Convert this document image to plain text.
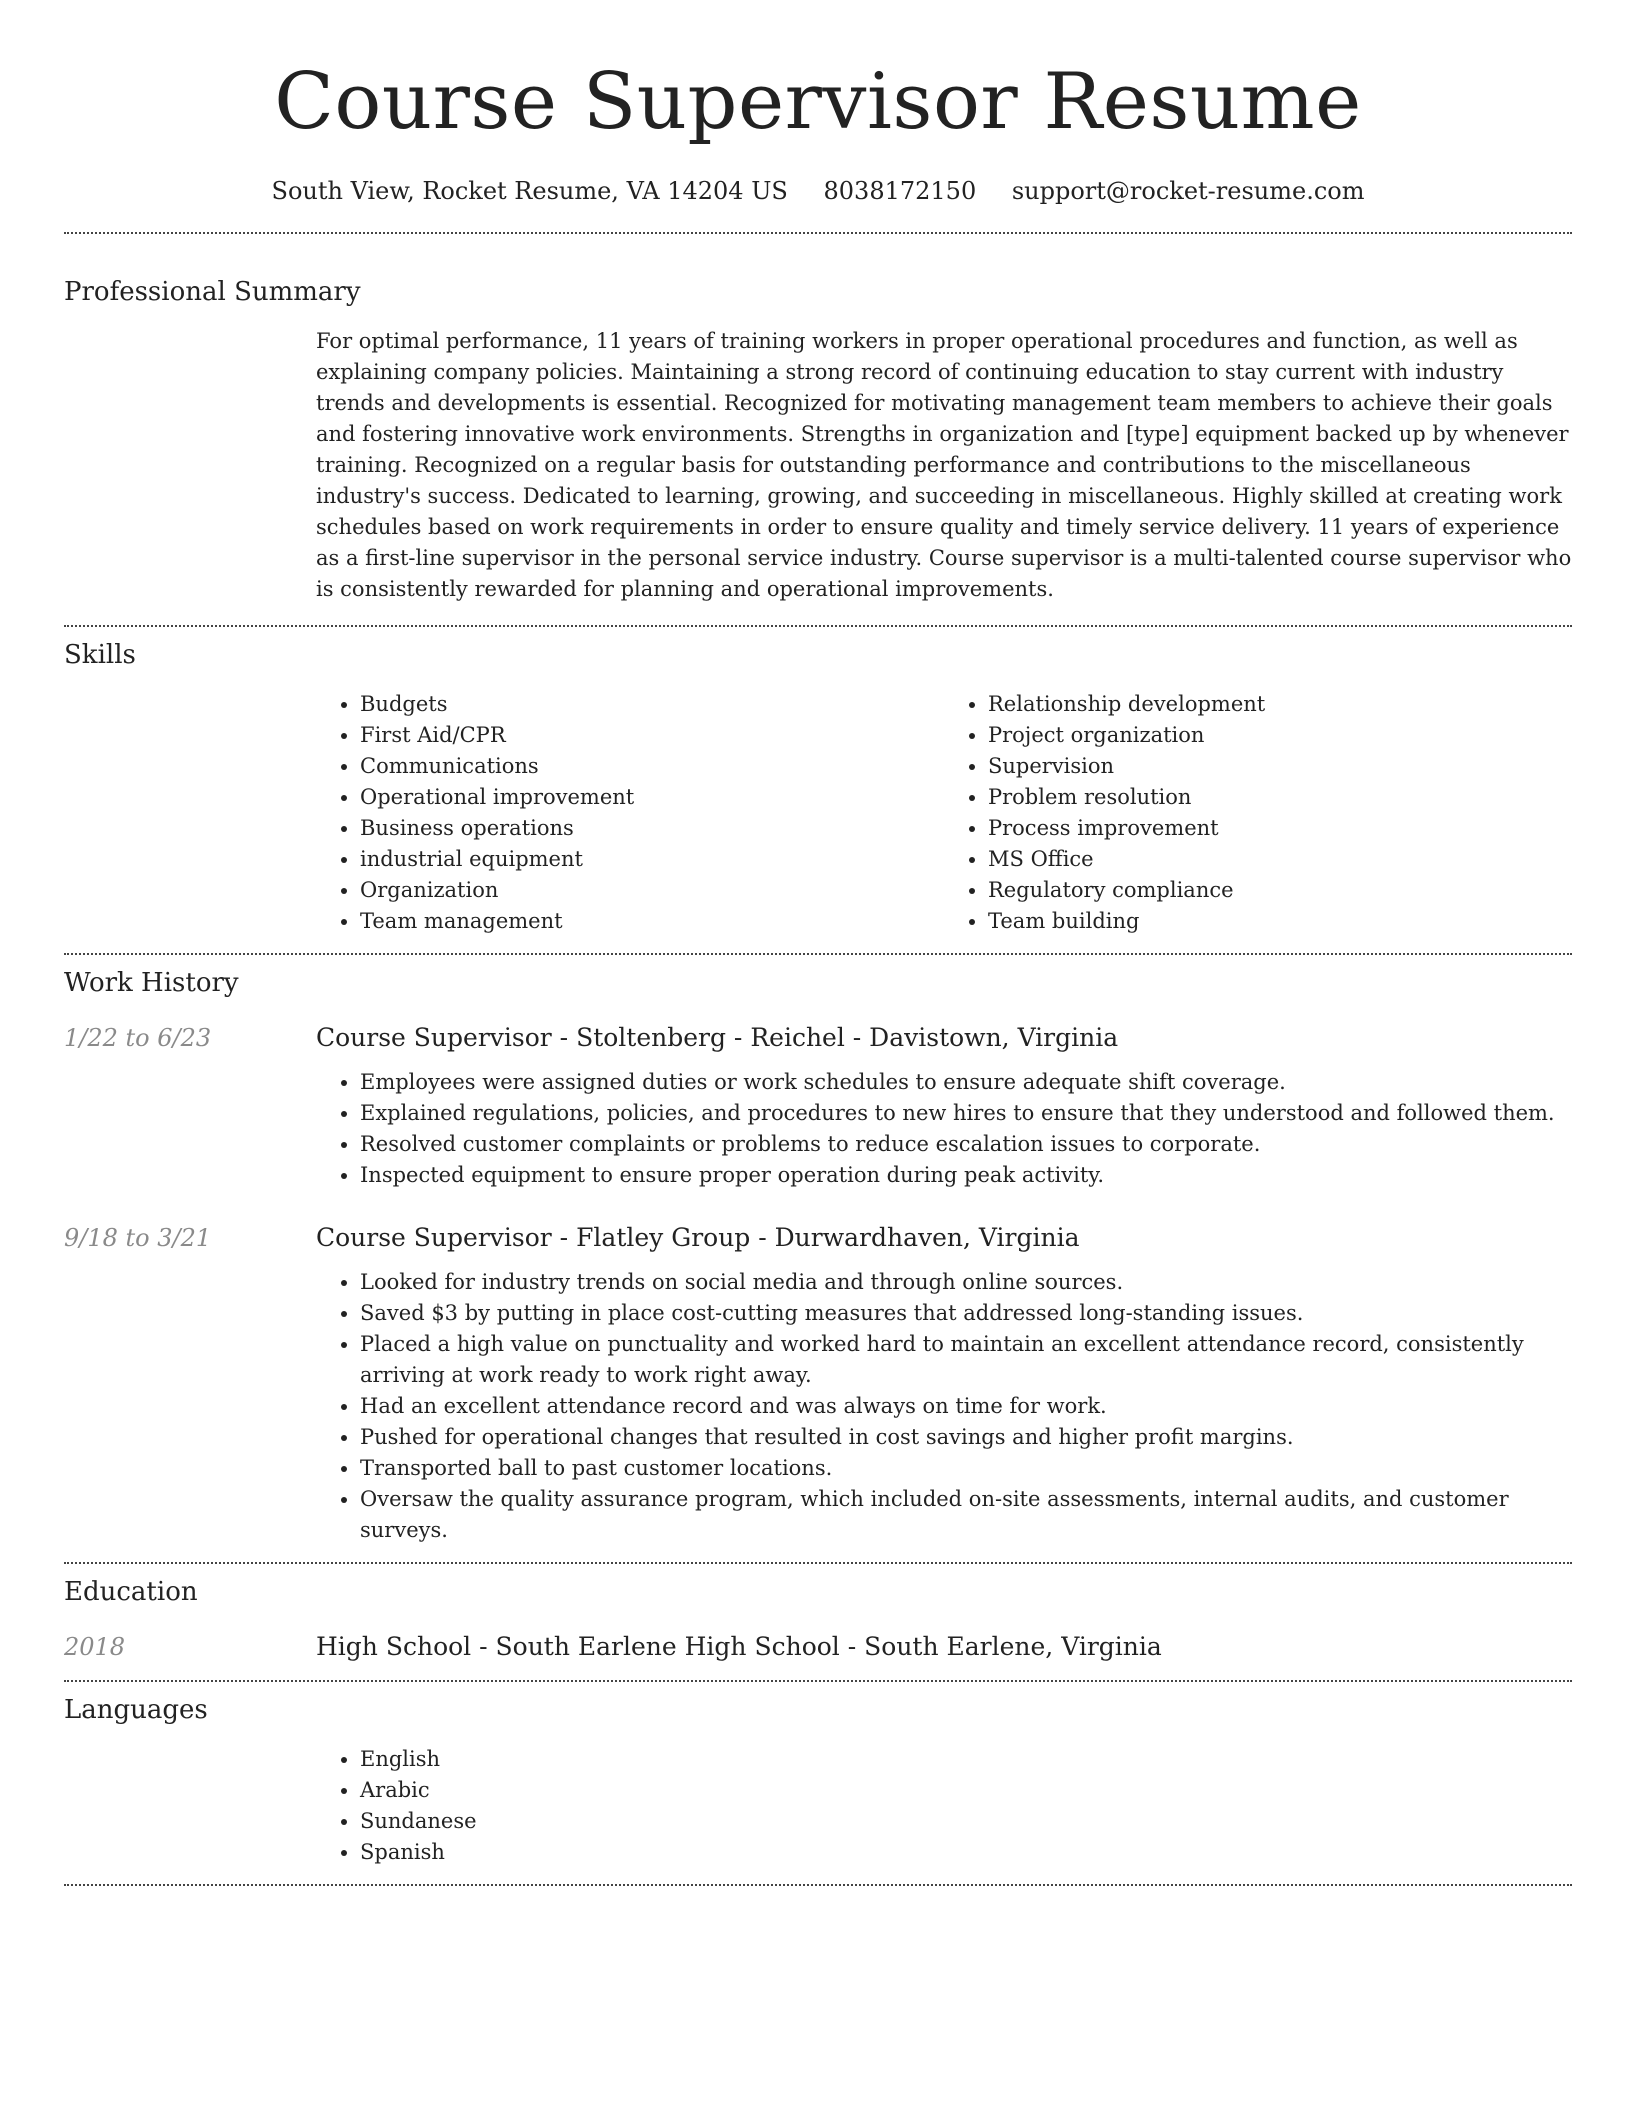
Course Supervisor Resume
South View, Rocket Resume, VA 14204 US 8038172150 support@rocket-resume.com
Professional Summary

For optimal performance, 11 years of training workers in proper operational procedures and function, as well as explaining company policies. Maintaining a strong record of continuing education to stay current with industry trends and developments is essential. Recognized for motivating management team members to achieve their goals and fostering innovative work environments. Strengths in organization and [type] equipment backed up by whenever training. Recognized on a regular basis for outstanding performance and contributions to the miscellaneous industry's success. Dedicated to learning, growing, and succeeding in miscellaneous. Highly skilled at creating work schedules based on work requirements in order to ensure quality and timely service delivery. 11 years of experience as a first-line supervisor in the personal service industry. Course supervisor is a multi-talented course supervisor who is consistently rewarded for planning and operational improvements.

Skills
• Budgets
• First Aid/CPR
• Communications
• Operational improvement
• Business operations
• industrial equipment
• Organization
• Team management
• Relationship development
• Project organization
• Supervision
• Problem resolution
• Process improvement
• MS Office
• Regulatory compliance
• Team building
Work History
1/22 to 6/23	Course Supervisor - Stoltenberg - Reichel - Davistown, Virginia
• Employees were assigned duties or work schedules to ensure adequate shift coverage.
• Explained regulations, policies, and procedures to new hires to ensure that they understood and followed them.
• Resolved customer complaints or problems to reduce escalation issues to corporate.
• Inspected equipment to ensure proper operation during peak activity.
9/18 to 3/21	Course Supervisor - Flatley Group - Durwardhaven, Virginia
• Looked for industry trends on social media and through online sources.
• Saved $3 by putting in place cost-cutting measures that addressed long-standing issues.
• Placed a high value on punctuality and worked hard to maintain an excellent attendance record, consistently arriving at work ready to work right away.
• Had an excellent attendance record and was always on time for work.
• Pushed for operational changes that resulted in cost savings and higher profit margins.
• Transported ball to past customer locations.
• Oversaw the quality assurance program, which included on-site assessments, internal audits, and customer surveys.
Education
2018	High School - South Earlene High School - South Earlene, Virginia
Languages
• English
• Arabic
• Sundanese
• Spanish
